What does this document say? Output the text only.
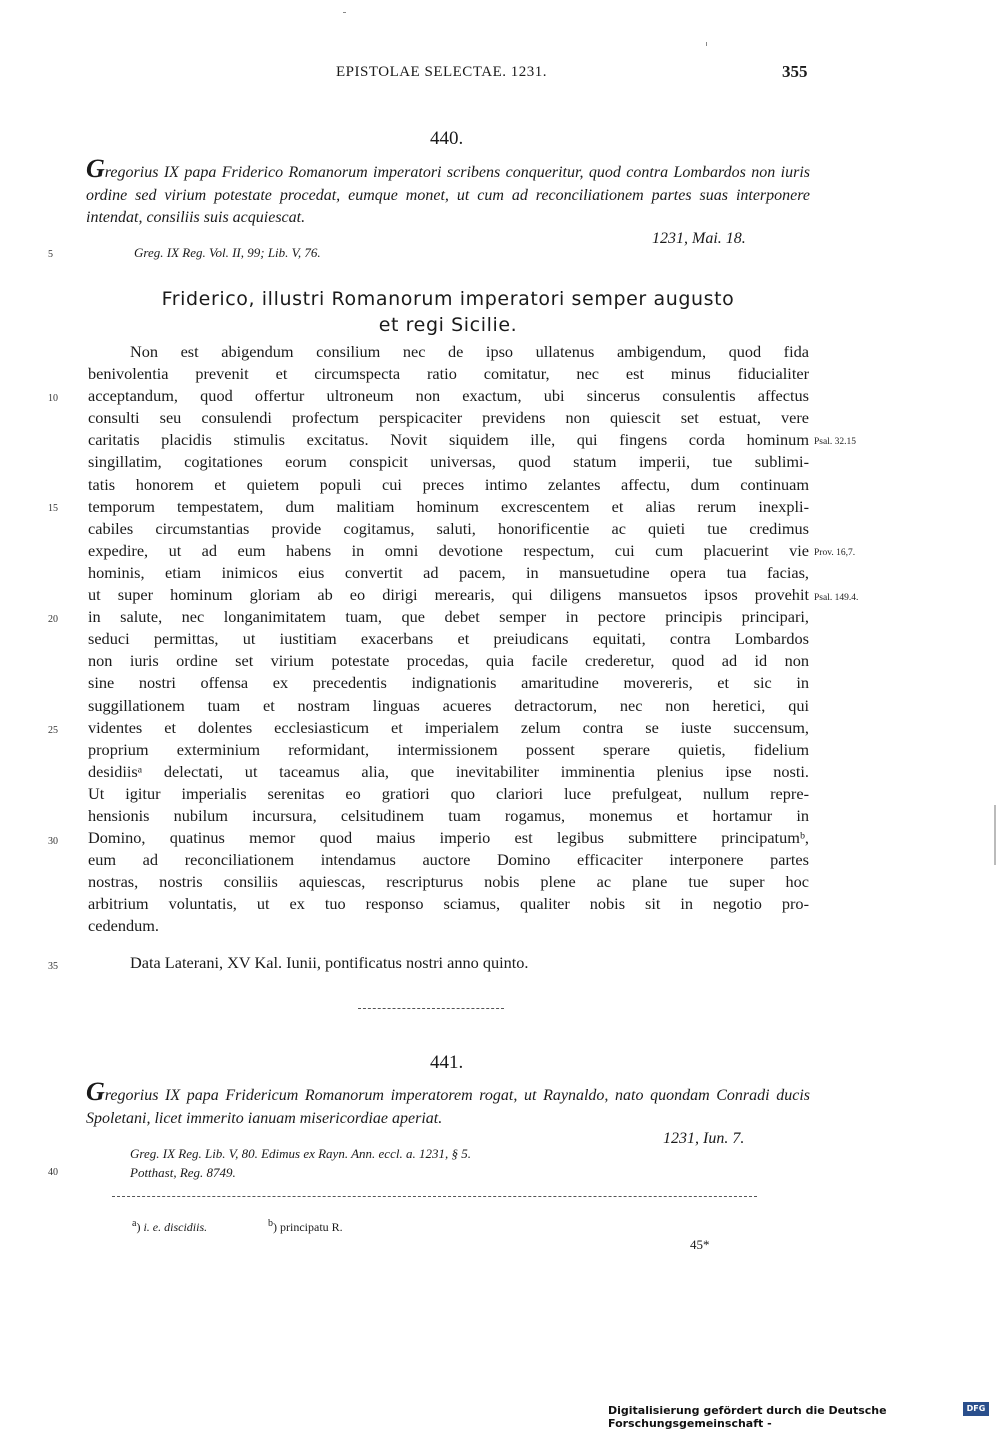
EPISTOLAE SELECTAE. 1231.	355
440.
Gregorius IX papa Friderico Romanorum imperatori scribens conqueritur, quod contra Lombardos non iuris ordine sed virium potestate procedat, eumque monet, ut cum ad reconciliationem partes suas interponere intendat, consiliis suis acquiescat.
1231, Mai. 18.
Greg. IX Reg. Vol. II, 99; Lib. V, 76.
Friderico, illustri Romanorum imperatori semper augusto
et regi Sicilie.
Non est abigendum consilium nec de ipso ullatenus ambigendum, quod fida
benivolentia prevenit et circumspecta ratio comitatur, nec est minus fiducialiter
acceptandum, quod offertur ultroneum non exactum, ubi sincerus consulentis affectus
consulti seu consulendi profectum perspicaciter previdens non quiescit set estuat, vere
caritatis placidis stimulis excitatus. Novit siquidem ille, qui fingens corda hominum
singillatim, cogitationes eorum conspicit universas, quod statum imperii, tue sublimi-
tatis honorem et quietem populi cui preces intimo zelantes affectu, dum continuam
temporum tempestatem, dum malitiam hominum excrescentem et alias rerum inexpli-
cabiles circumstantias provide cogitamus, saluti, honorificentie ac quieti tue credimus
expedire, ut ad eum habens in omni devotione respectum, cui cum placuerint vie
hominis, etiam inimicos eius convertit ad pacem, in mansuetudine opera tua facias,
ut super hominum gloriam ab eo dirigi merearis, qui diligens mansuetos ipsos provehit
in salute, nec longanimitatem tuam, que debet semper in pectore principis principari,
seduci permittas, ut iustitiam exacerbans et preiudicans equitati, contra Lombardos
non iuris ordine set virium potestate procedas, quia facile crederetur, quod ad id non
sine nostri offensa ex precedentis indignationis amaritudine movereris, et sic in
suggillationem tuam et nostram linguas acueres detractorum, nec non heretici, qui
videntes et dolentes ecclesiasticum et imperialem zelum contra se iuste succensum,
proprium exterminium reformidant, intermissionem possent sperare quietis, fidelium
desidiisᵃ delectati, ut taceamus alia, que inevitabiliter imminentia plenius ipse nosti.
Ut igitur imperialis serenitas eo gratiori quo clariori luce prefulgeat, nullum repre-
hensionis nubilum incursura, celsitudinem tuam rogamus, monemus et hortamur in
Domino, quatinus memor quod maius imperio est legibus submittere principatumᵇ,
eum ad reconciliationem intendamus auctore Domino efficaciter interponere partes
nostras, nostris consiliis aquiescas, rescripturus nobis plene ac plane tue super hoc
arbitrium voluntatis, ut ex tuo responso sciamus, qualiter nobis sit in negotio pro-
cedendum.
Data Laterani, XV Kal. Iunii, pontificatus nostri anno quinto.
5
10
15
20
25
30
35
40
Psal. 32.15
Prov. 16,7.
Psal. 149.4.
441.
Gregorius IX papa Fridericum Romanorum imperatorem rogat, ut Raynaldo, nato quondam Conradi ducis Spoletani, licet immerito ianuam misericordiae aperiat.
1231, Iun. 7.
Greg. IX Reg. Lib. V, 80. Edimus ex Rayn. Ann. eccl. a. 1231, § 5.
Potthast, Reg. 8749.
$^a$) i. e. discidiis.	$^b$) principatu R.
45*
Digitalisierung gefördert durch die Deutsche Forschungsgemeinschaft -
DFG
